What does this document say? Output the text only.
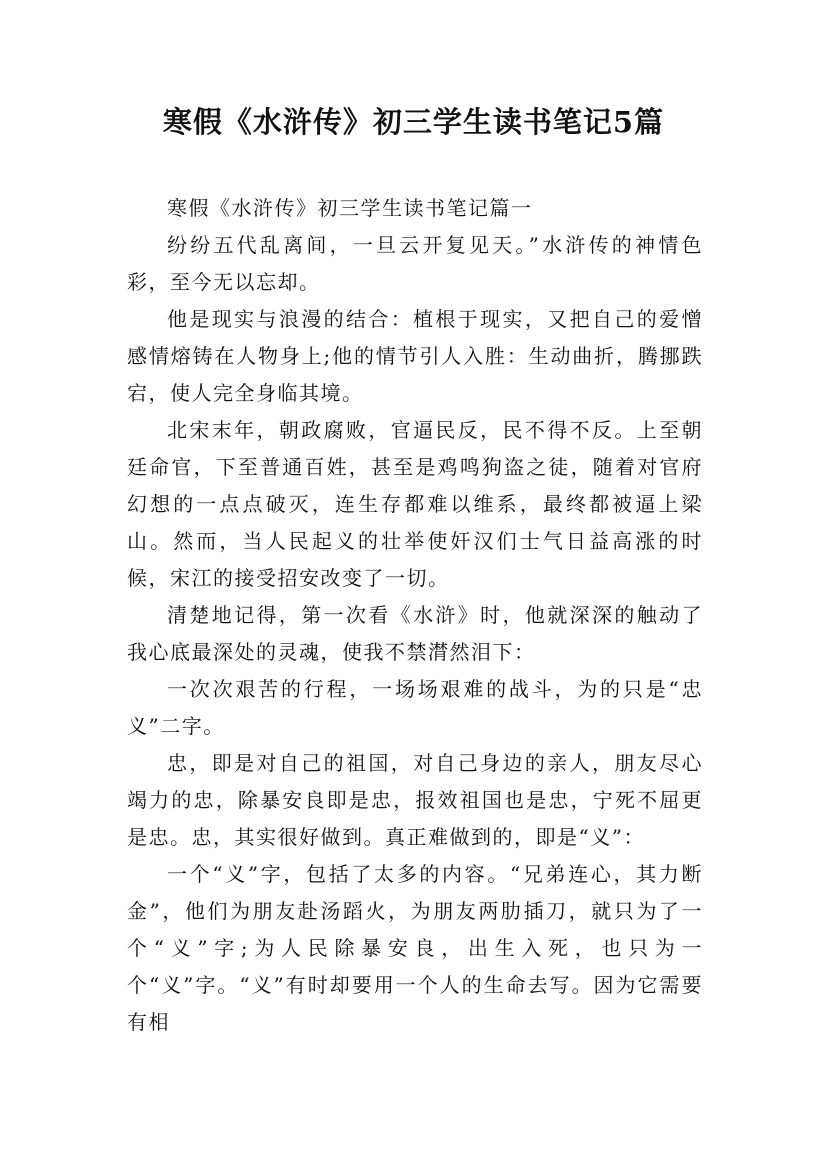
寒假《水浒传》初三学生读书笔记5篇

寒假《水浒传》初三学生读书笔记篇一

纷纷五代乱离间，一旦云开复见天。”水浒传的神情色彩，至今无以忘却。

他是现实与浪漫的结合：植根于现实，又把自己的爱憎感情熔铸在人物身上;他的情节引人入胜：生动曲折，腾挪跌宕，使人完全身临其境。

北宋末年，朝政腐败，官逼民反，民不得不反。上至朝廷命官，下至普通百姓，甚至是鸡鸣狗盗之徒，随着对官府幻想的一点点破灭，连生存都难以维系，最终都被逼上梁山。然而，当人民起义的壮举使奸汉们士气日益高涨的时候，宋江的接受招安改变了一切。

清楚地记得，第一次看《水浒》时，他就深深的触动了我心底最深处的灵魂，使我不禁潸然泪下：

一次次艰苦的行程，一场场艰难的战斗，为的只是“忠义”二字。

忠，即是对自己的祖国，对自己身边的亲人，朋友尽心竭力的忠，除暴安良即是忠，报效祖国也是忠，宁死不屈更是忠。忠，其实很好做到。真正难做到的，即是“义”：

一个“义”字，包括了太多的内容。“兄弟连心，其力断金”，他们为朋友赴汤蹈火，为朋友两肋插刀，就只为了一个“义”字;为人民除暴安良，出生入死，也只为一个“义”字。“义”有时却要用一个人的生命去写。因为它需要有相
